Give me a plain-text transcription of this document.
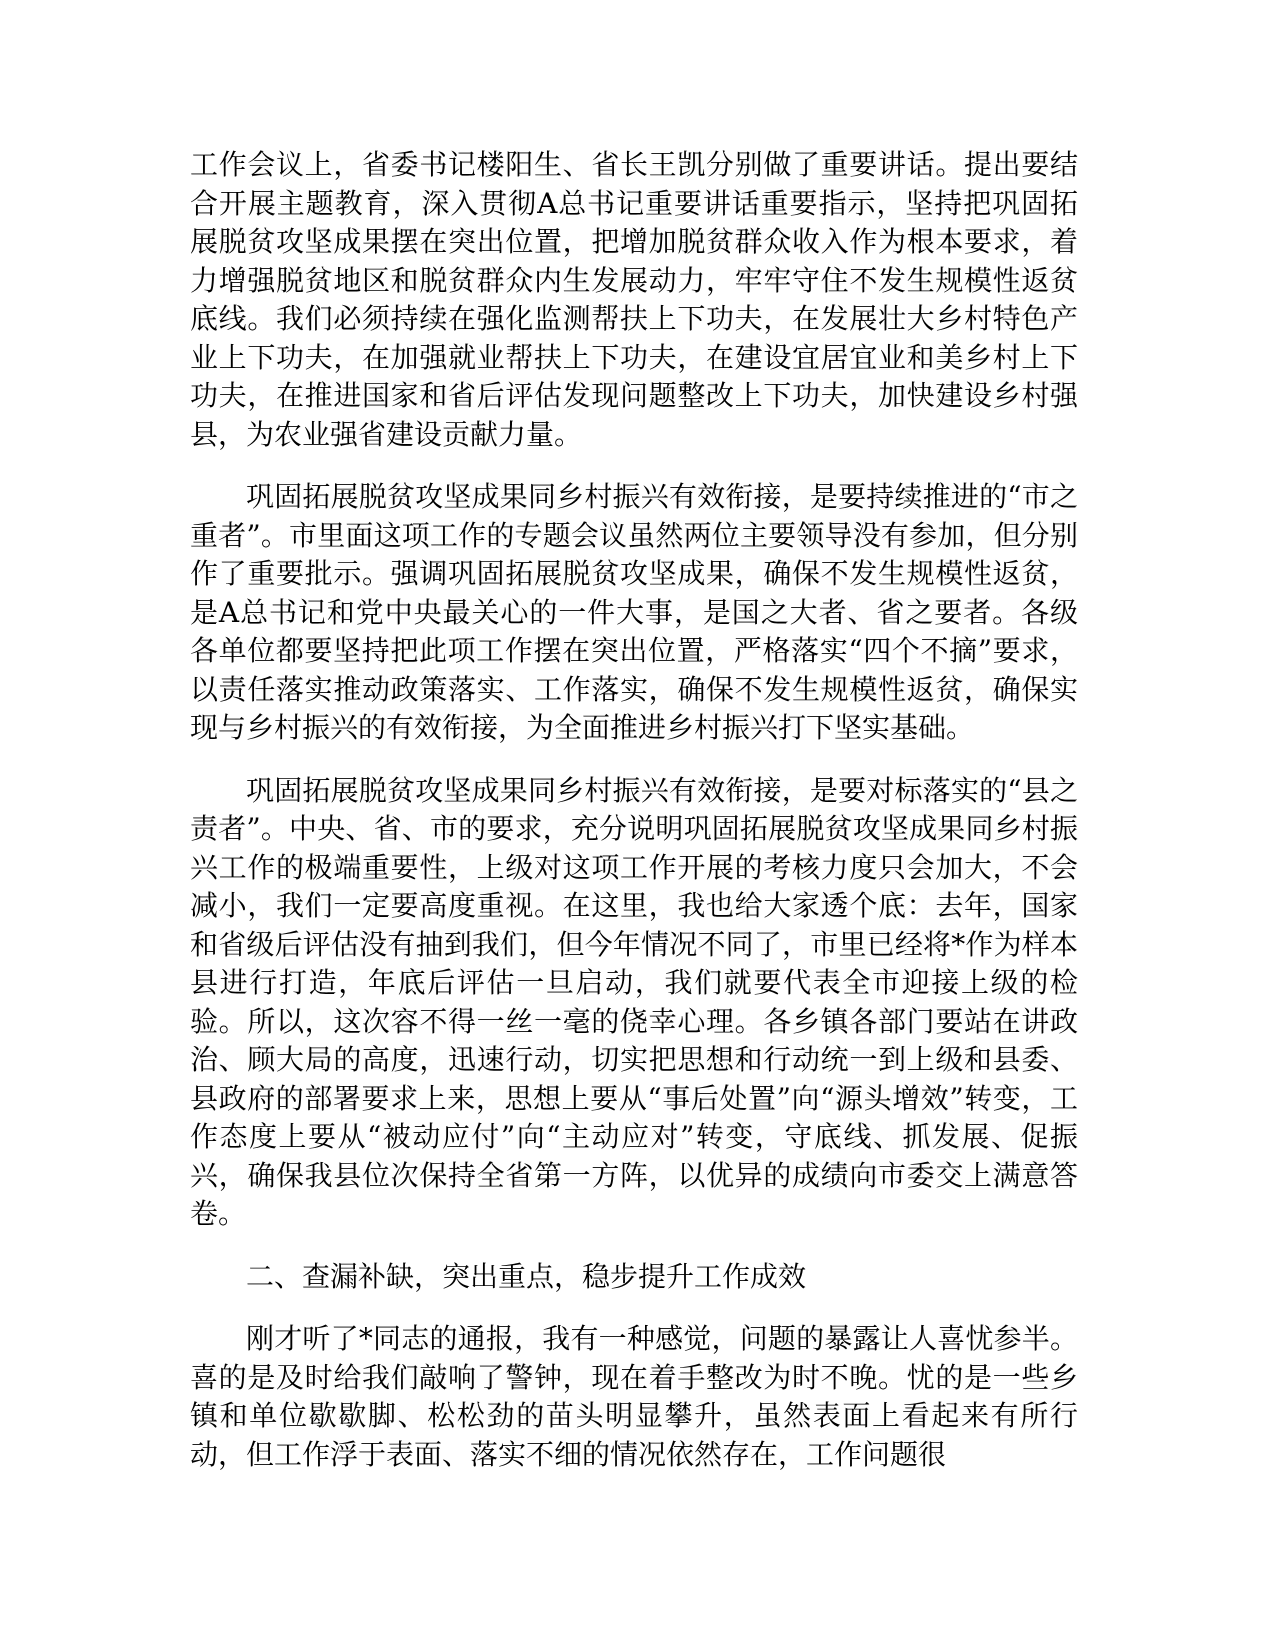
工作会议上，省委书记楼阳生、省长王凯分别做了重要讲话。提出要结合开展主题教育，深入贯彻A总书记重要讲话重要指示，坚持把巩固拓展脱贫攻坚成果摆在突出位置，把增加脱贫群众收入作为根本要求，着力增强脱贫地区和脱贫群众内生发展动力，牢牢守住不发生规模性返贫底线。我们必须持续在强化监测帮扶上下功夫，在发展壮大乡村特色产业上下功夫，在加强就业帮扶上下功夫，在建设宜居宜业和美乡村上下功夫，在推进国家和省后评估发现问题整改上下功夫，加快建设乡村强县，为农业强省建设贡献力量。

巩固拓展脱贫攻坚成果同乡村振兴有效衔接，是要持续推进的“市之重者”。市里面这项工作的专题会议虽然两位主要领导没有参加，但分别作了重要批示。强调巩固拓展脱贫攻坚成果，确保不发生规模性返贫，是A总书记和党中央最关心的一件大事，是国之大者、省之要者。各级各单位都要坚持把此项工作摆在突出位置，严格落实“四个不摘”要求，以责任落实推动政策落实、工作落实，确保不发生规模性返贫，确保实现与乡村振兴的有效衔接，为全面推进乡村振兴打下坚实基础。

巩固拓展脱贫攻坚成果同乡村振兴有效衔接，是要对标落实的“县之责者”。中央、省、市的要求，充分说明巩固拓展脱贫攻坚成果同乡村振兴工作的极端重要性，上级对这项工作开展的考核力度只会加大，不会减小，我们一定要高度重视。在这里，我也给大家透个底：去年，国家和省级后评估没有抽到我们，但今年情况不同了，市里已经将*作为样本县进行打造，年底后评估一旦启动，我们就要代表全市迎接上级的检验。所以，这次容不得一丝一毫的侥幸心理。各乡镇各部门要站在讲政治、顾大局的高度，迅速行动，切实把思想和行动统一到上级和县委、县政府的部署要求上来，思想上要从“事后处置”向“源头增效”转变，工作态度上要从“被动应付”向“主动应对”转变，守底线、抓发展、促振兴，确保我县位次保持全省第一方阵，以优异的成绩向市委交上满意答卷。

二、查漏补缺，突出重点，稳步提升工作成效

刚才听了*同志的通报，我有一种感觉，问题的暴露让人喜忧参半。喜的是及时给我们敲响了警钟，现在着手整改为时不晚。忧的是一些乡镇和单位歇歇脚、松松劲的苗头明显攀升，虽然表面上看起来有所行动，但工作浮于表面、落实不细的情况依然存在，工作问题很
